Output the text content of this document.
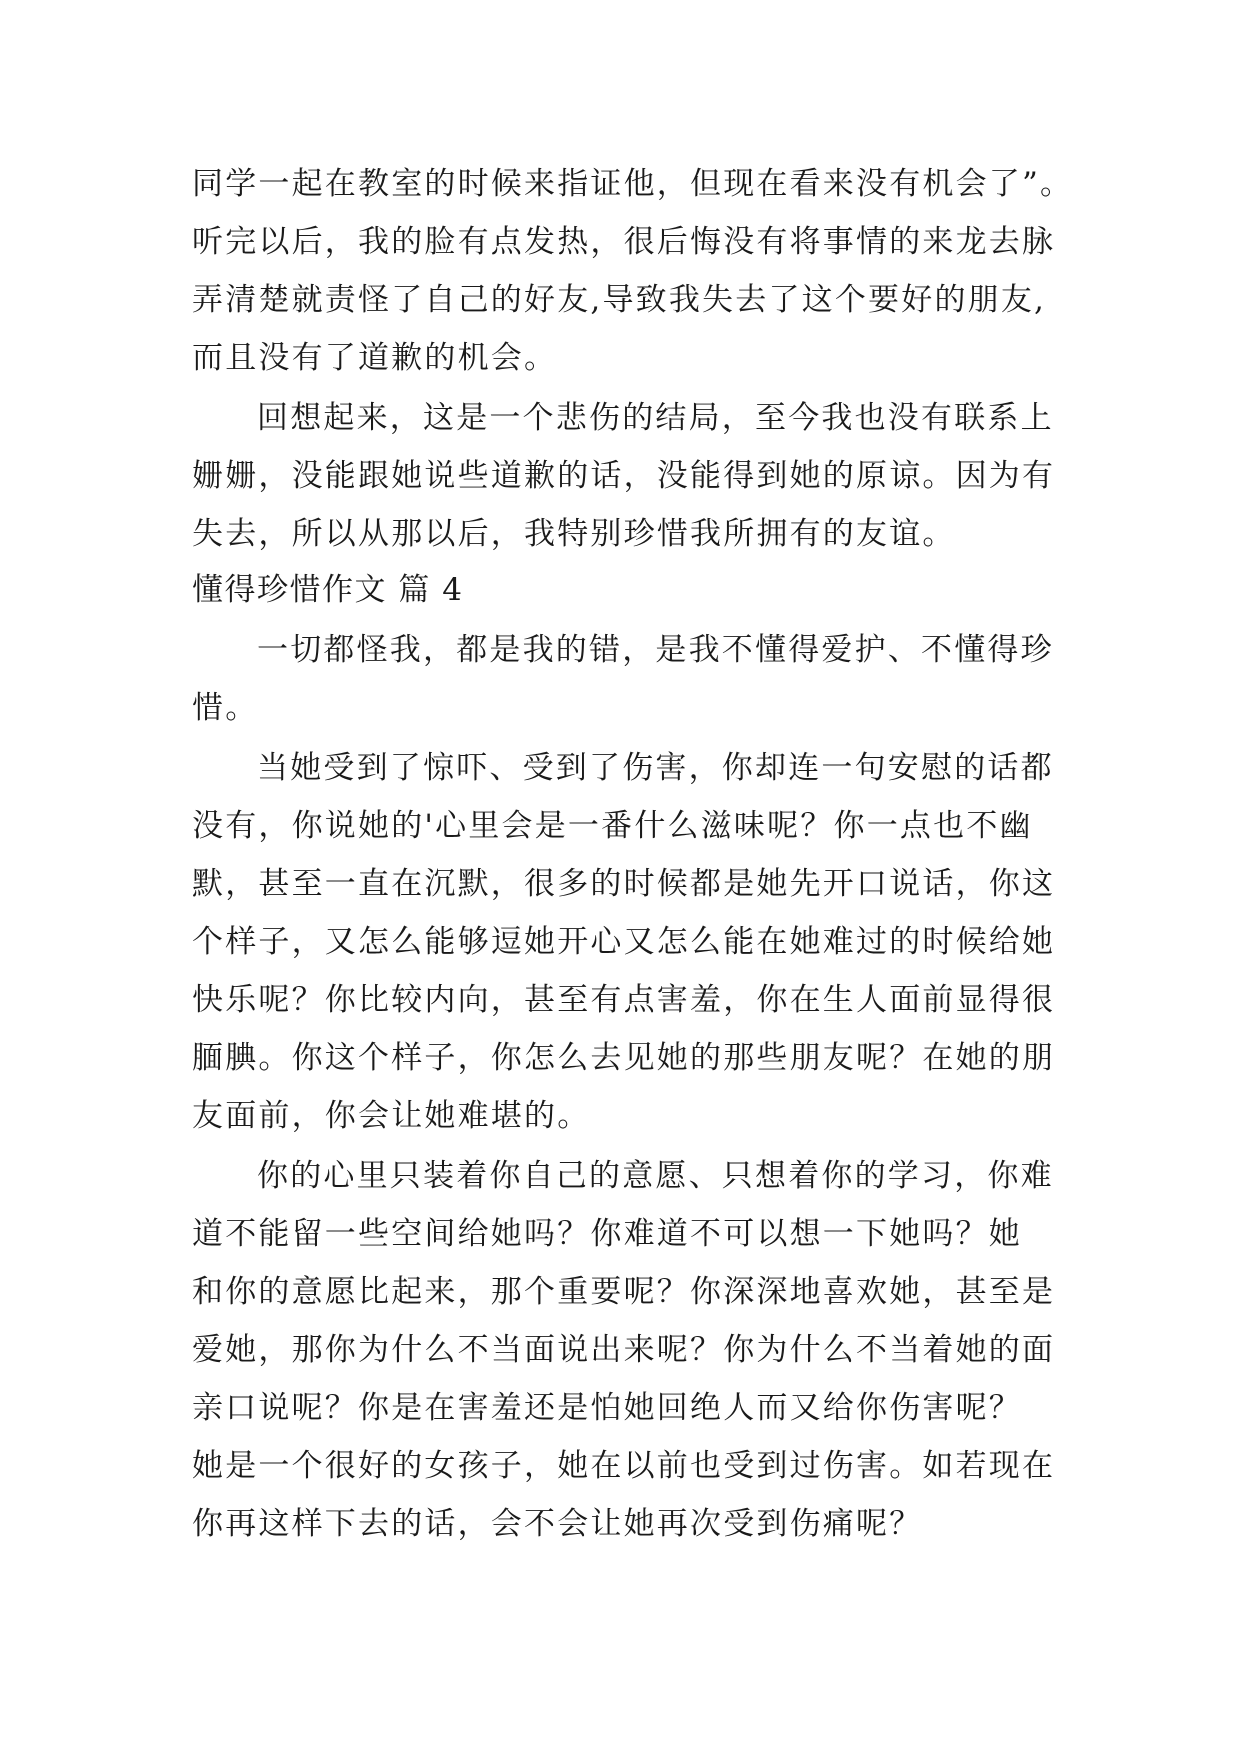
同学一起在教室的时候来指证他，但现在看来没有机会了”。
听完以后，我的脸有点发热，很后悔没有将事情的来龙去脉
弄清楚就责怪了自己的好友,导致我失去了这个要好的朋友,
而且没有了道歉的机会。
回想起来，这是一个悲伤的结局，至今我也没有联系上
姗姗，没能跟她说些道歉的话，没能得到她的原谅。因为有
失去，所以从那以后，我特别珍惜我所拥有的友谊。
懂得珍惜作文 篇 4
一切都怪我，都是我的错，是我不懂得爱护、不懂得珍
惜。
当她受到了惊吓、受到了伤害，你却连一句安慰的话都
没有，你说她的'心里会是一番什么滋味呢？你一点也不幽
默，甚至一直在沉默，很多的时候都是她先开口说话，你这
个样子，又怎么能够逗她开心又怎么能在她难过的时候给她
快乐呢？你比较内向，甚至有点害羞，你在生人面前显得很
腼腆。你这个样子，你怎么去见她的那些朋友呢？在她的朋
友面前，你会让她难堪的。
你的心里只装着你自己的意愿、只想着你的学习，你难
道不能留一些空间给她吗？你难道不可以想一下她吗？她
和你的意愿比起来，那个重要呢？你深深地喜欢她，甚至是
爱她，那你为什么不当面说出来呢？你为什么不当着她的面
亲口说呢？你是在害羞还是怕她回绝人而又给你伤害呢？
她是一个很好的女孩子，她在以前也受到过伤害。如若现在
你再这样下去的话，会不会让她再次受到伤痛呢？
